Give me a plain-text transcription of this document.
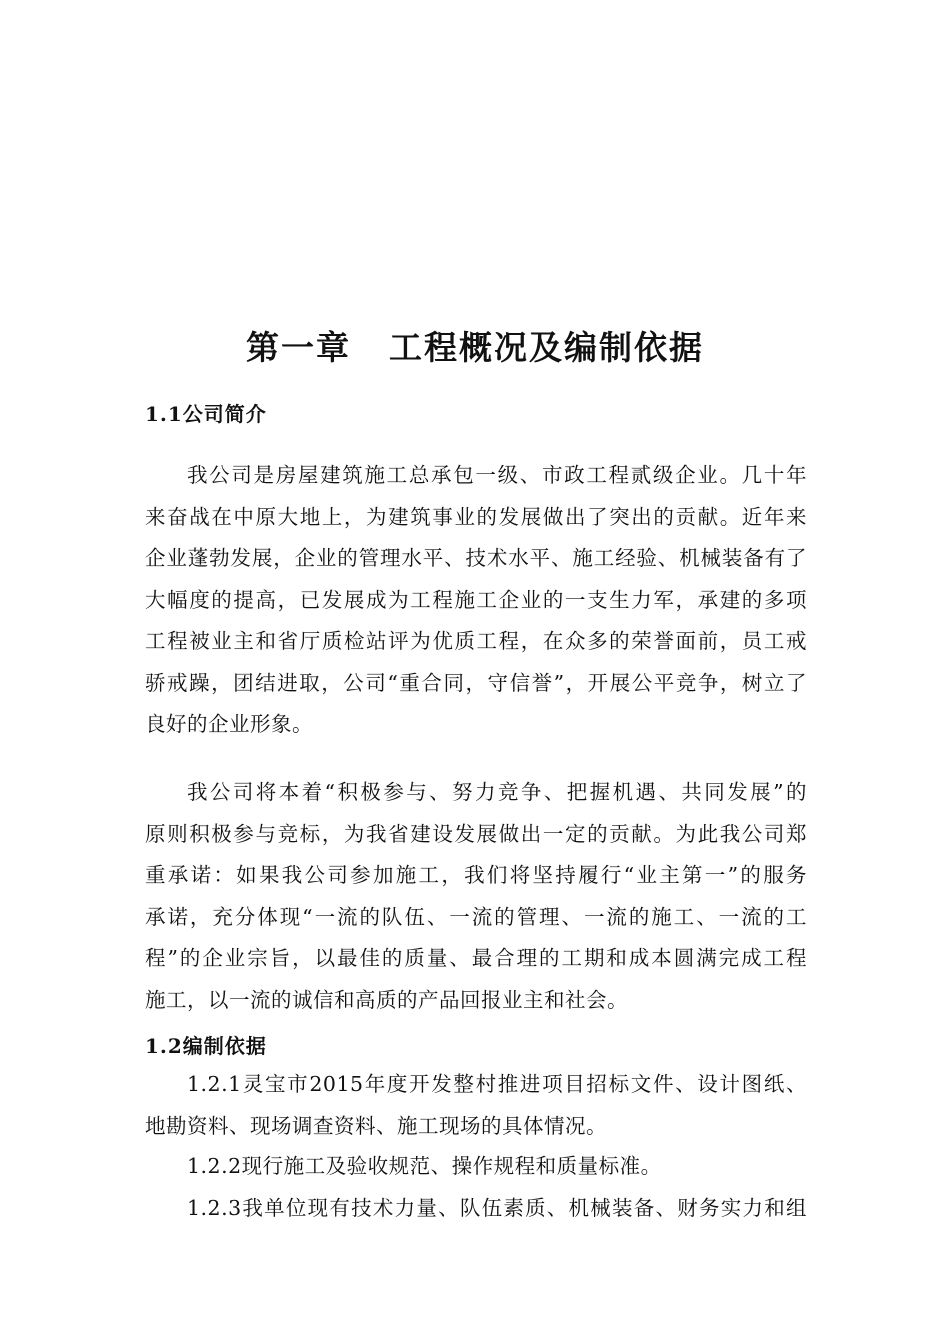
第一章 工程概况及编制依据
1.1公司简介
我公司是房屋建筑施工总承包一级、市政工程贰级企业。几十年
来奋战在中原大地上，为建筑事业的发展做出了突出的贡献。近年来
企业蓬勃发展，企业的管理水平、技术水平、施工经验、机械装备有了
大幅度的提高，已发展成为工程施工企业的一支生力军，承建的多项
工程被业主和省厅质检站评为优质工程，在众多的荣誉面前，员工戒
骄戒躁，团结进取，公司“重合同，守信誉”，开展公平竞争，树立了
良好的企业形象。
我公司将本着“积极参与、努力竞争、把握机遇、共同发展”的
原则积极参与竞标，为我省建设发展做出一定的贡献。为此我公司郑
重承诺：如果我公司参加施工，我们将坚持履行“业主第一”的服务
承诺，充分体现“一流的队伍、一流的管理、一流的施工、一流的工
程”的企业宗旨，以最佳的质量、最合理的工期和成本圆满完成工程
施工，以一流的诚信和高质的产品回报业主和社会。
1.2编制依据
1.2.1灵宝市2015年度开发整村推进项目招标文件、设计图纸、
地勘资料、现场调查资料、施工现场的具体情况。
1.2.2现行施工及验收规范、操作规程和质量标准。
1.2.3我单位现有技术力量、队伍素质、机械装备、财务实力和组
